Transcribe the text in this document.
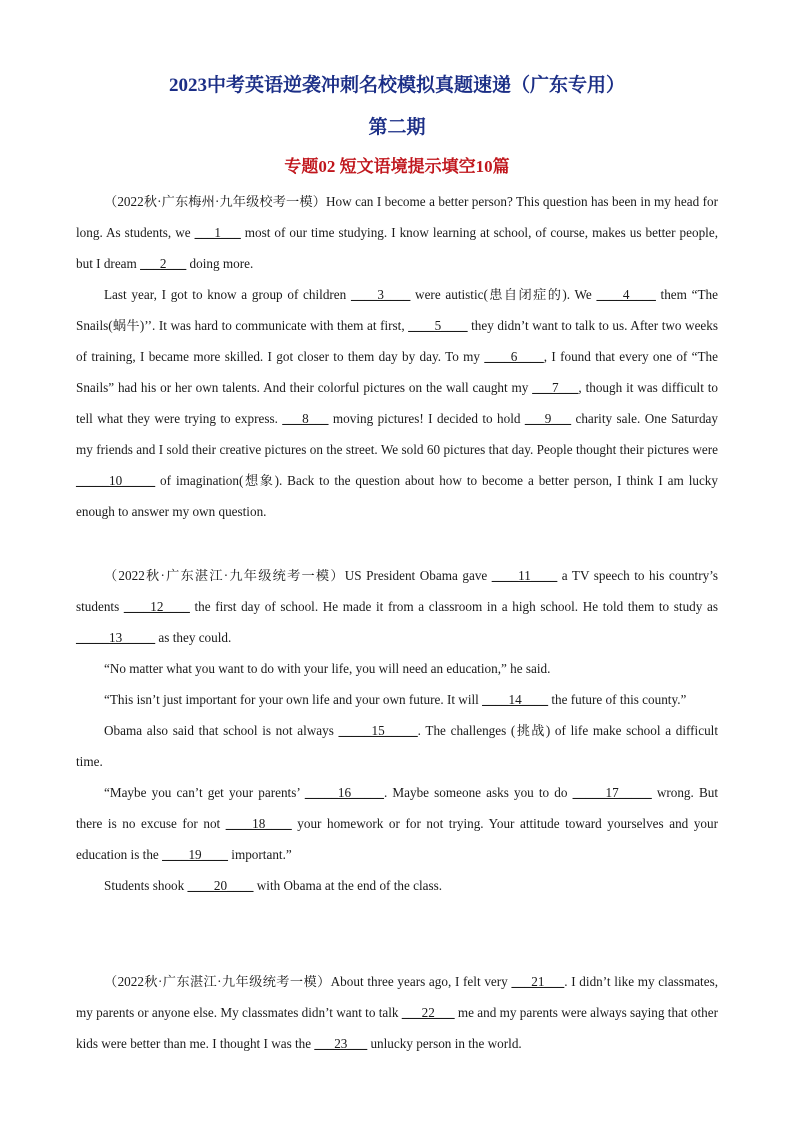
2023中考英语逆袭冲刺名校模拟真题速递（广东专用）
第二期
专题02 短文语境提示填空10篇

（2022秋·广东梅州·九年级校考一模）How can I become a better person? This question has been in my head for long. As students, we ___1___ most of our time studying. I know learning at school, of course, makes us better people, but I dream ___2___ doing more.

Last year, I got to know a group of children ____3____ were autistic(患自闭症的). We ____4____ them “The Snails(蜗牛)’’. It was hard to communicate with them at first, ____5____ they didn’t want to talk to us. After two weeks of training, I became more skilled. I got closer to them day by day. To my ____6____, I found that every one of “The Snails” had his or her own talents. And their colorful pictures on the wall caught my ___7___, though it was difficult to tell what they were trying to express. ___8___ moving pictures! I decided to hold ___9___ charity sale. One Saturday my friends and I sold their creative pictures on the street. We sold 60 pictures that day. People thought their pictures were _____10_____ of imagination(想象). Back to the question about how to become a better person, I think I am lucky enough to answer my own question.

（2022秋·广东湛江·九年级统考一模）US President Obama gave ____11____ a TV speech to his country’s students ____12____ the first day of school. He made it from a classroom in a high school. He told them to study as _____13_____ as they could.

“No matter what you want to do with your life, you will need an education,” he said.

“This isn’t just important for your own life and your own future. It will ____14____ the future of this county.”

Obama also said that school is not always _____15_____. The challenges (挑战) of life make school a difficult time.

“Maybe you can’t get your parents’ _____16_____. Maybe someone asks you to do _____17_____ wrong. But there is no excuse for not ____18____ your homework or for not trying. Your attitude toward yourselves and your education is the ____19____ important.”

Students shook ____20____ with Obama at the end of the class.

（2022秋·广东湛江·九年级统考一模）About three years ago, I felt very ___21___. I didn’t like my classmates, my parents or anyone else. My classmates didn’t want to talk ___22___ me and my parents were always saying that other kids were better than me. I thought I was the ___23___ unlucky person in the world.
